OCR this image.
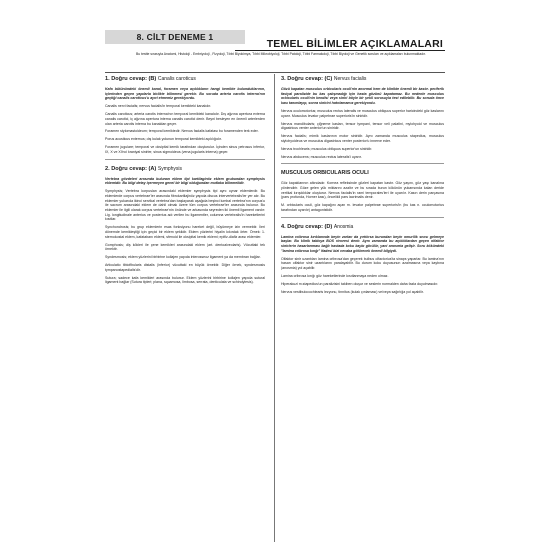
8. CİLT DENEME 1
TEMEL BİLİMLER AÇIKLAMALARI
Bu testte sırasıyla Anatomi, Histoloji - Embriyoloji , Fizyoloji, Tıbbi Biyokimya, Tıbbi Mikrobiyoloji, Tıbbi Patoloji, Tıbbi Farmakoloji, Tıbbi Biyoloji ve Genetik soruları ve açıklamaları bulunmaktadır.
1. Doğru cevap: (B) Canalis caroticus

Kafa bütünündeki önemli kanal, foramen veya açıklıkların hangi kemikte bulunduklarının, içlerinden geçen yapılarla birlikte bilinmesi gerekir. Bu soruda arteria carotis interna'nın geçtiği canalis caroticus'u ayırt etmemiz gerekiyordu.

Canalis nervi facialis; nervus facialis'in temporal kemikteki kanalıdır.

Canalis caroticus; arteria carotis interna'nın temporal kemikteki kanalıdır. Dış ağzına apertura externa canalis carotici, iç ağzına apertura interna canalis carotici denir. Beyni besleyen en önemli arterlerden olan arteria carotis interna bu kanaldan geçer.

Foramen stylomastoideum; temporal kemiktedir. Nervus facialis kafatası bu foramenden terk eder.

Porus acusticus externus; dış kulak yolunun temporal kemikteki açıklığıdır.

Foramen jugulare; temporal ve oksipital kemik tarafından oluşturulur. İçinden sinus petrosus inferior, IX, X ve XI'nci kraniyal sinirler, sinus sigmoideus (vena jugularis interna) geçer.

2. Doğru cevap: (A) Symphysis

Vertebra gövdeleri arasında bulunan eklem tipi kartilaginöz eklem grubundan symphysis eklemidir. Bu bilgi detay içermeyen genel bir bilgi olduğundan mutlaka bilinmelidir.

Symphysis; Vertebra korpusları arasındaki eklemler symphysis tipi aynı oynar eklemlerdir. Bu eklemlerde corpus vertebrae'ler arasında fibrokartilajinöz yapıda discus intervertebralis'ler yer alır. Bu eklemler yukarıda ikinci servikal vertebra'dan başlayarak aşağıda beşinci lumbal vertebra'nın corpus'u ile sacrum arasındaki eklem de dahil olmak üzere tüm corpus vertebrae'ler arasında bulunur. Bu eklemler ile ilgili olarak corpus vertebrae'nin önünde ve arkasında seyreden iki önemli ligament vardır: Lig. longitudinale anterius ve posterius adı verilen bu ligamentler, columna vertebralis'in hareketlerini kısıtlar.

Synchondrosis; bu grup eklemlerin esas fonksiyonu hareket değil, büyümeye izin vermektir. İleri dönemde kemikleştiği için geçici bir eklem şeklidir. Eklem yüzlerini hiyalin kıkırdak örter. Örnek: 1. sternokostal eklem, kafatabanı eklemi, sfenoid ile oksipital kemik eklemi; epifiz-diafiz arası eklemler.

Gomphosis; diş kökleri ile çene kemikleri arasındaki eklem (art. dentoalveolaris). Vücuttaki tek örnektir.

Syndesmosis; eklem yüzlerini birbirine kollajen yapıda interosseoz ligament ya da membran bağlar.

Articulatio tibiofibularis distalis (inferior) vücuttaki en büyük örnektir. Diğer örnek, syndesmosis tympanostapedialis'dir.

Sutura; sadece kafa kemikleri arasında bulunur. Eklem yüzlerini birbirine kollajen yapıda sutural ligament bağlar (Sutura tipleri; plana, squamosa, limbosa, serrata, denticulata ve schindylesis).

3. Doğru cevap: (C) Nervus facialis

Gözü kapatan musculus orbicularis oculi'nin anormal hem de klinikte önemli bir kastır. periferik fasiyal paralizide bu kas çalışmadığı için hasta gözünü kapatamaz. Bu nedenle musculus orbicularis oculi'nin kendisi veya siniri böyle bir şekil sorusuyla test edilebilir. Bu soruda önce kası tanımlayıp, sonra sinirini hatırlamamız gerekiyordu.

Nervus oculomotorius; musculus rectus lateralis ve musculus obliquus superior haricindeki göz kaslarını uyarır. Musculus levator palpebrae superioris'in siniridir.

Nervus mandibularis; çiğneme kasları, tensor tympani, tensor veli palatini, mylohyoid ve musculus digastricus venter anterior'un siniridir.

Nervus facialis; mimik kaslarının motor siniridir. Aynı zamanda musculus stapedius, musculus stylohyoideus ve musculus digastricus venter posterior'u innerve eder.

Nervus trochlearis; musculus obliquus superior'un siniridir.

Nervus abducens; musculus rectus lateralis'i uyarır.

MUSCULUS ORBICULARIS OCULI

Göz kapaklarının altındadır. Kornea refleksinde gözleri kapatan kastır. Göz yaşını, göz yaşı kanalına yönlendirir. Göze gelen yük miktarını azaltır ve bu sırada burun kökünün yukarısında kalan deride vertikal kırışıklıklar oluşturur. Nervus facialis'in rami temporales'leri ile uyarılır. Kasın derin parçasına (pars profunda, Horner kası), öncelikli pars lacrimalis denir.

M. orbicularis oculi, göz kapağını açan m. levator palpebrae superioris'in (bu kas n. oculomotorius tarafından uyarılır) antagonistidir.

4. Doğru cevap: (D) Anosmia

Lamina cribrosa kırıklarında beyin zarları da yırtılırsa burundan beyin omurilik sıvısı gelmeye başlar. Bu klinik tabloya BOS rinoresi denir. Aynı zamanda bu açıklıklardan geçen olfaktor sinirlerin hasarlanması bağlı hastada koku kaybı görülür, yani anosmia gelişir. Soru kökündeki "lamina cribrosa kırığı" ifadesi bizi cevaba götürecek önemli bilgiydi.

Olfaktor sinir uzantıları lamina cribrosa'dan geçerek bulbus olfactorius'ta sinaps yaparlar. Bu lamina'nın hasarı olfaktor sinir uzantılarını yaralayabilir. Bu durum koku duyusunun azalmasına veya kaybına (anosmia) yol açabilir.

Lamina cribrosa kırığı göz hareketlerinde kısıtlanmaya neden olmaz.

Hiperakuzi m.stapedius'un paralizisini takiben oluşur ve seslerin normalden daha fazla duyulmasıdır.

Nervus vestibulocochlearis lezyonu, tinnitus (kulak çınlaması) ve/veya sağırlığa yol açabilir.
